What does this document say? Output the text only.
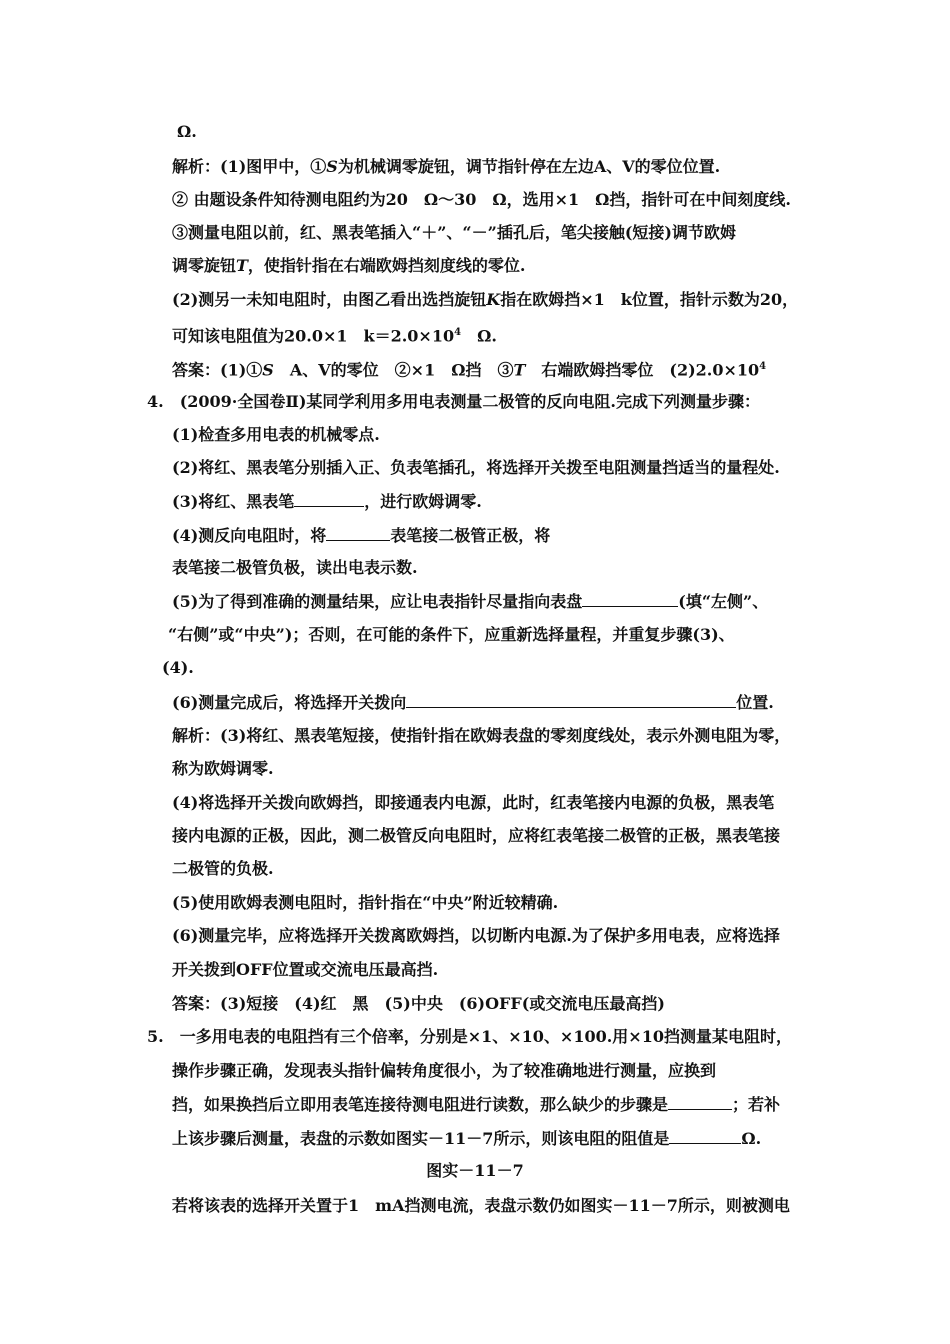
Ω.
解析：(1)图甲中，①S为机械调零旋钮，调节指针停在左边A、V的零位位置.
② 由题设条件知待测电阻约为20　Ω～30　Ω，选用×1　Ω挡，指针可在中间刻度线.
③测量电阻以前，红、黑表笔插入“＋”、“－”插孔后，笔尖接触(短接)调节欧姆
调零旋钮T，使指针指在右端欧姆挡刻度线的零位.
(2)测另一未知电阻时，由图乙看出选挡旋钮K指在欧姆挡×1　k位置，指针示数为20，
可知该电阻值为20.0×1　$k=2.0\times 10^4$　Ω.
答案：(1)①S　A、V的零位　②×1　Ω挡　③T　右端欧姆挡零位　$(2)2.0\times 10^4$
4.　(2009·全国卷Ⅱ)某同学利用多用电表测量二极管的反向电阻.完成下列测量步骤：
(1)检查多用电表的机械零点.
(2)将红、黑表笔分别插入正、负表笔插孔，将选择开关拨至电阻测量挡适当的量程处.
(3)将红、黑表笔	，进行欧姆调零.
(4)测反向电阻时，将	表笔接二极管正极，将
表笔接二极管负极，读出电表示数.
(5)为了得到准确的测量结果，应让电表指针尽量指向表盘	(填“左侧”、
“右侧”或“中央”)；否则，在可能的条件下，应重新选择量程，并重复步骤(3)、
(4).
(6)测量完成后，将选择开关拨向	位置.
解析：(3)将红、黑表笔短接，使指针指在欧姆表盘的零刻度线处，表示外测电阻为零，
称为欧姆调零.
(4)将选择开关拨向欧姆挡，即接通表内电源，此时，红表笔接内电源的负极，黑表笔
接内电源的正极，因此，测二极管反向电阻时，应将红表笔接二极管的正极，黑表笔接
二极管的负极.
(5)使用欧姆表测电阻时，指针指在“中央”附近较精确.
(6)测量完毕，应将选择开关拨离欧姆挡，以切断内电源.为了保护多用电表，应将选择
开关拨到OFF位置或交流电压最高挡.
答案：(3)短接　(4)红　黑　(5)中央　(6)OFF(或交流电压最高挡)
5.　一多用电表的电阻挡有三个倍率，分别是×1、×10、×100.用×10挡测量某电阻时，
操作步骤正确，发现表头指针偏转角度很小，为了较准确地进行测量，应换到
挡，如果换挡后立即用表笔连接待测电阻进行读数，那么缺少的步骤是	；若补
上该步骤后测量，表盘的示数如图实－11－7所示，则该电阻的阻值是	Ω.
图实－11－7
若将该表的选择开关置于1　mA挡测电流，表盘示数仍如图实－11－7所示，则被测电
